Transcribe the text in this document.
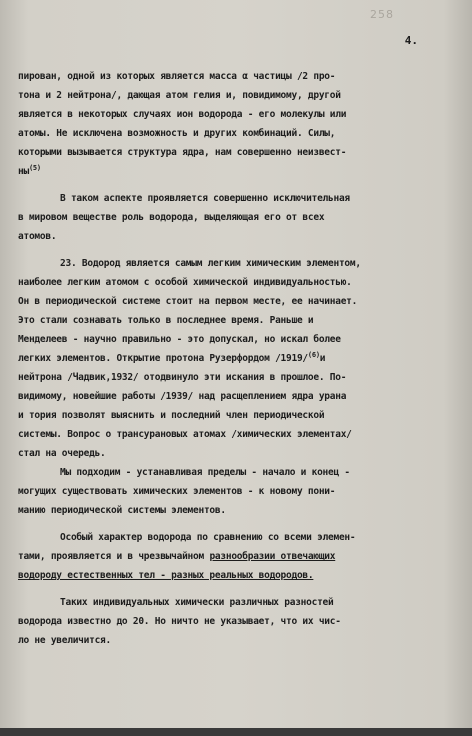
258
4.
пирован, одной из которых является масса α частицы /2 про-
тона и 2 нейтрона/, дающая атом гелия и, повидимому, другой
является в некоторых случаях ион водорода - его молекулы или
атомы. Не исключена возможность и других комбинаций. Силы,
которыми вызывается структура ядра, нам совершенно неизвест-
$ны^{(5)}$
В таком аспекте проявляется совершенно исключительная
в мировом веществе роль водорода, выделяющая его от всех
атомов.
23. Водород является самым легким химическим элементом,
наиболее легким атомом с особой химической индивидуальностью.
Он в периодической системе стоит на первом месте, ее начинает.
Это стали сознавать только в последнее время. Раньше и
Менделеев - научно правильно - это допускал, но искал более
легких элементов. Открытие протона Рузерфордом /1919/$^{(6)}$и
нейтрона /Чадвик,1932/ отодвинуло эти искания в прошлое. По-
видимому, новейшие работы /1939/ над расщеплением ядра урана
и тория позволят выяснить и последний член периодической
системы. Вопрос о трансурановых атомах /химических элементах/
стал на очередь.
Мы подходим - устанавливая пределы - начало и конец -
могущих существовать химических элементов - к новому пони-
манию периодической системы элементов.
Особый характер водорода по сравнению со всеми элемен-
тами, проявляется и в чрезвычайном разнообразии отвечающих
водороду естественных тел - разных реальных водородов.
Таких индивидуальных химически различных разностей
водорода известно до 20. Но ничто не указывает, что их чис-
ло не увеличится.
